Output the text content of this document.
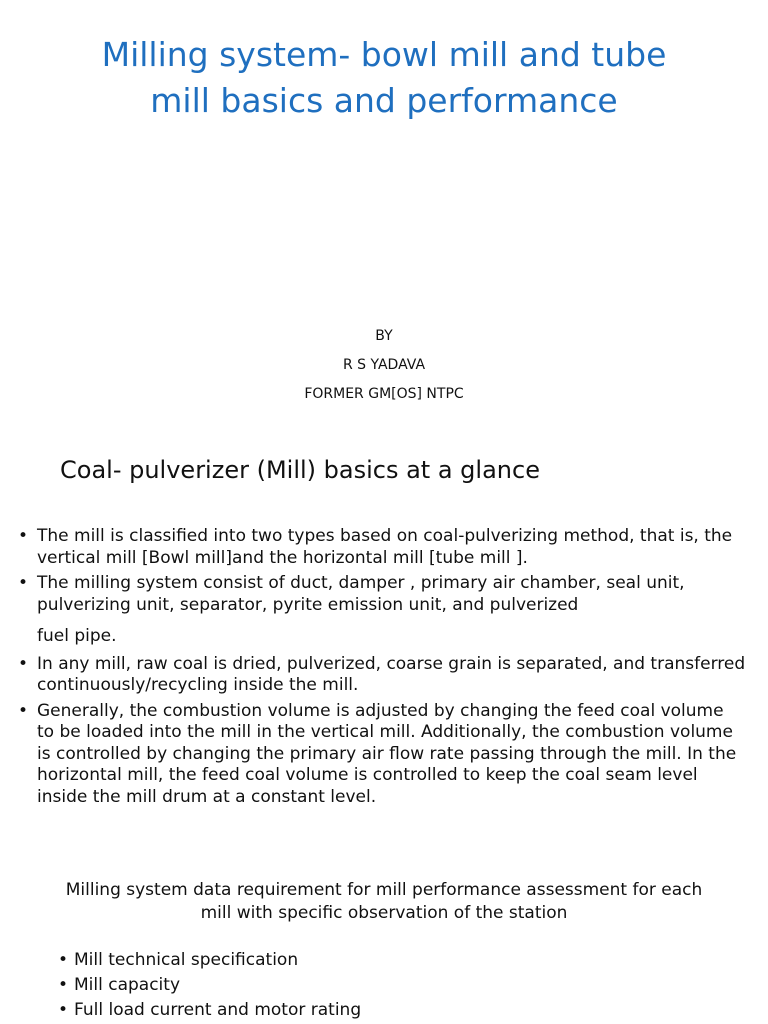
Milling system- bowl mill and tube mill basics and performance
BY
R S YADAVA
FORMER GM[OS] NTPC
Coal- pulverizer (Mill) basics at a glance
• The mill is classified into two types based on coal-pulverizing method, that is, the vertical mill [Bowl mill]and the horizontal mill [tube mill ].
• The milling system consist of duct, damper , primary air chamber, seal unit, pulverizing unit, separator, pyrite emission unit, and pulverized
fuel pipe.
• In any mill, raw coal is dried, pulverized, coarse grain is separated, and transferred continuously/recycling inside the mill.
• Generally, the combustion volume is adjusted by changing the feed coal volume to be loaded into the mill in the vertical mill. Additionally, the combustion volume is controlled by changing the primary air flow rate passing through the mill. In the horizontal mill, the feed coal volume is controlled to keep the coal seam level inside the mill drum at a constant level.
Milling system data requirement for mill performance assessment for each mill with specific observation of the station
• Mill technical specification
• Mill capacity
• Full load current and motor rating
